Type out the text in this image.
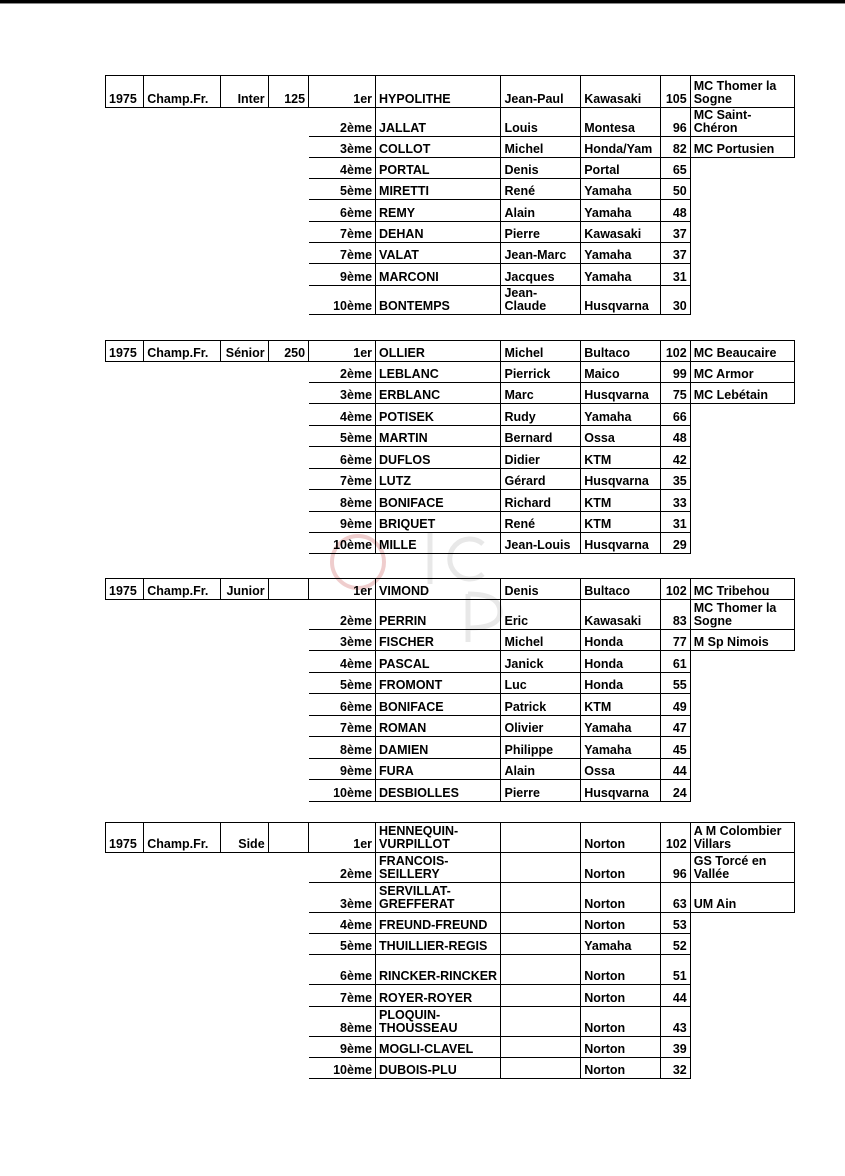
1975	Champ.Fr.	Inter	125	1er	HYPOLITHE	Jean-Paul	Kawasaki	105	MC Thomer la Sogne
				2ème	JALLAT	Louis	Montesa	96	MC Saint-Chéron
				3ème	COLLOT	Michel	Honda/Yam	82	MC Portusien
				4ème	PORTAL	Denis	Portal	65	
				5ème	MIRETTI	René	Yamaha	50	
				6ème	REMY	Alain	Yamaha	48	
				7ème	DEHAN	Pierre	Kawasaki	37	
				7ème	VALAT	Jean-Marc	Yamaha	37	
				9ème	MARCONI	Jacques	Yamaha	31	
				10ème	BONTEMPS	Jean-Claude	Husqvarna	30	
1975	Champ.Fr.	Sénior	250	1er	OLLIER	Michel	Bultaco	102	MC Beaucaire
				2ème	LEBLANC	Pierrick	Maico	99	MC Armor
				3ème	ERBLANC	Marc	Husqvarna	75	MC Lebétain
				4ème	POTISEK	Rudy	Yamaha	66	
				5ème	MARTIN	Bernard	Ossa	48	
				6ème	DUFLOS	Didier	KTM	42	
				7ème	LUTZ	Gérard	Husqvarna	35	
				8ème	BONIFACE	Richard	KTM	33	
				9ème	BRIQUET	René	KTM	31	
				10ème	MILLE	Jean-Louis	Husqvarna	29	
1975	Champ.Fr.	Junior		1er	VIMOND	Denis	Bultaco	102	MC Tribehou
				2ème	PERRIN	Eric	Kawasaki	83	MC Thomer la Sogne
				3ème	FISCHER	Michel	Honda	77	M Sp Nimois
				4ème	PASCAL	Janick	Honda	61	
				5ème	FROMONT	Luc	Honda	55	
				6ème	BONIFACE	Patrick	KTM	49	
				7ème	ROMAN	Olivier	Yamaha	47	
				8ème	DAMIEN	Philippe	Yamaha	45	
				9ème	FURA	Alain	Ossa	44	
				10ème	DESBIOLLES	Pierre	Husqvarna	24	
1975	Champ.Fr.	Side		1er	HENNEQUIN-VURPILLOT		Norton	102	A M Colombier Villars
				2ème	FRANCOIS-SEILLERY		Norton	96	GS Torcé en Vallée
				3ème	SERVILLAT-GREFFERAT		Norton	63	UM Ain
				4ème	FREUND-FREUND		Norton	53	
				5ème	THUILLIER-REGIS		Yamaha	52	
				6ème	RINCKER-RINCKER		Norton	51	
				7ème	ROYER-ROYER		Norton	44	
				8ème	PLOQUIN-THOUSSEAU		Norton	43	
				9ème	MOGLI-CLAVEL		Norton	39	
				10ème	DUBOIS-PLU		Norton	32	
